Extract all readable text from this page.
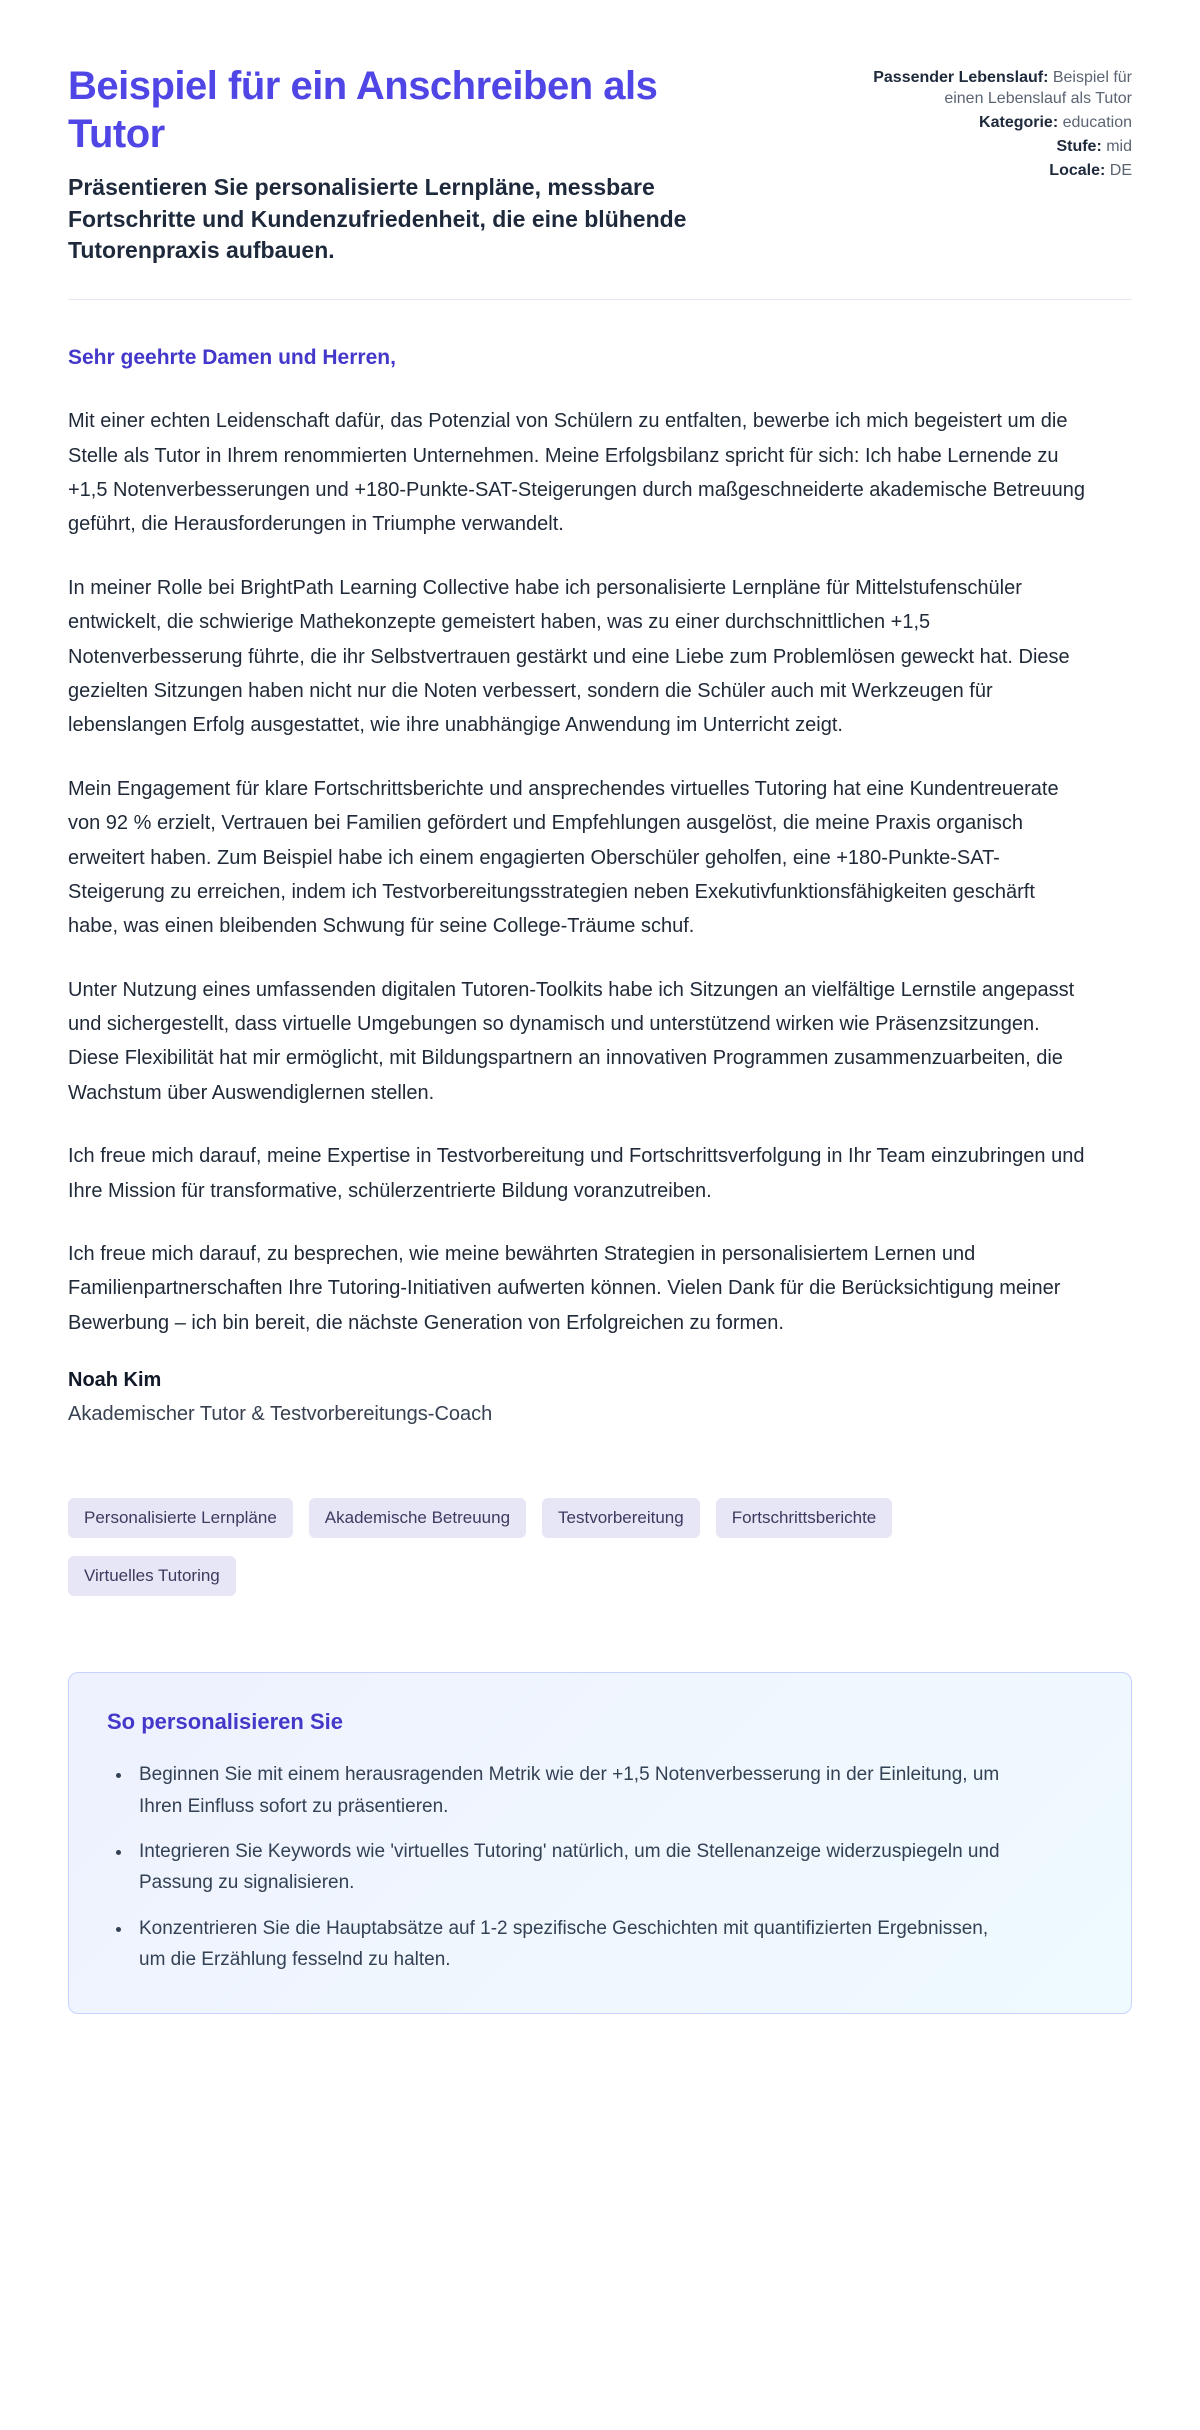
Beispiel für ein Anschreiben als Tutor

Präsentieren Sie personalisierte Lernpläne, messbare Fortschritte und Kundenzufriedenheit, die eine blühende Tutorenpraxis aufbauen.

Passender Lebenslauf: Beispiel für einen Lebenslauf als Tutor
Kategorie: education
Stufe: mid
Locale: DE

Sehr geehrte Damen und Herren,

Mit einer echten Leidenschaft dafür, das Potenzial von Schülern zu entfalten, bewerbe ich mich begeistert um die Stelle als Tutor in Ihrem renommierten Unternehmen. Meine Erfolgsbilanz spricht für sich: Ich habe Lernende zu +1,5 Notenverbesserungen und +180-Punkte-SAT-Steigerungen durch maßgeschneiderte akademische Betreuung geführt, die Herausforderungen in Triumphe verwandelt.

In meiner Rolle bei BrightPath Learning Collective habe ich personalisierte Lernpläne für Mittelstufenschüler entwickelt, die schwierige Mathekonzepte gemeistert haben, was zu einer durchschnittlichen +1,5 Notenverbesserung führte, die ihr Selbstvertrauen gestärkt und eine Liebe zum Problemlösen geweckt hat. Diese gezielten Sitzungen haben nicht nur die Noten verbessert, sondern die Schüler auch mit Werkzeugen für lebenslangen Erfolg ausgestattet, wie ihre unabhängige Anwendung im Unterricht zeigt.

Mein Engagement für klare Fortschrittsberichte und ansprechendes virtuelles Tutoring hat eine Kundentreuerate von 92 % erzielt, Vertrauen bei Familien gefördert und Empfehlungen ausgelöst, die meine Praxis organisch erweitert haben. Zum Beispiel habe ich einem engagierten Oberschüler geholfen, eine +180-Punkte-SAT-Steigerung zu erreichen, indem ich Testvorbereitungsstrategien neben Exekutivfunktionsfähigkeiten geschärft habe, was einen bleibenden Schwung für seine College-Träume schuf.

Unter Nutzung eines umfassenden digitalen Tutoren-Toolkits habe ich Sitzungen an vielfältige Lernstile angepasst und sichergestellt, dass virtuelle Umgebungen so dynamisch und unterstützend wirken wie Präsenzsitzungen. Diese Flexibilität hat mir ermöglicht, mit Bildungspartnern an innovativen Programmen zusammenzuarbeiten, die Wachstum über Auswendiglernen stellen.

Ich freue mich darauf, meine Expertise in Testvorbereitung und Fortschrittsverfolgung in Ihr Team einzubringen und Ihre Mission für transformative, schülerzentrierte Bildung voranzutreiben.

Ich freue mich darauf, zu besprechen, wie meine bewährten Strategien in personalisiertem Lernen und Familienpartnerschaften Ihre Tutoring-Initiativen aufwerten können. Vielen Dank für die Berücksichtigung meiner Bewerbung – ich bin bereit, die nächste Generation von Erfolgreichen zu formen.

Noah Kim

Akademischer Tutor & Testvorbereitungs-Coach

Personalisierte Lernpläne	Akademische Betreuung	Testvorbereitung	Fortschrittsberichte
Virtuelles Tutoring
So personalisieren Sie
• Beginnen Sie mit einem herausragenden Metrik wie der +1,5 Notenverbesserung in der Einleitung, um Ihren Einfluss sofort zu präsentieren.
• Integrieren Sie Keywords wie 'virtuelles Tutoring' natürlich, um die Stellenanzeige widerzuspiegeln und Passung zu signalisieren.
• Konzentrieren Sie die Hauptabsätze auf 1-2 spezifische Geschichten mit quantifizierten Ergebnissen, um die Erzählung fesselnd zu halten.
